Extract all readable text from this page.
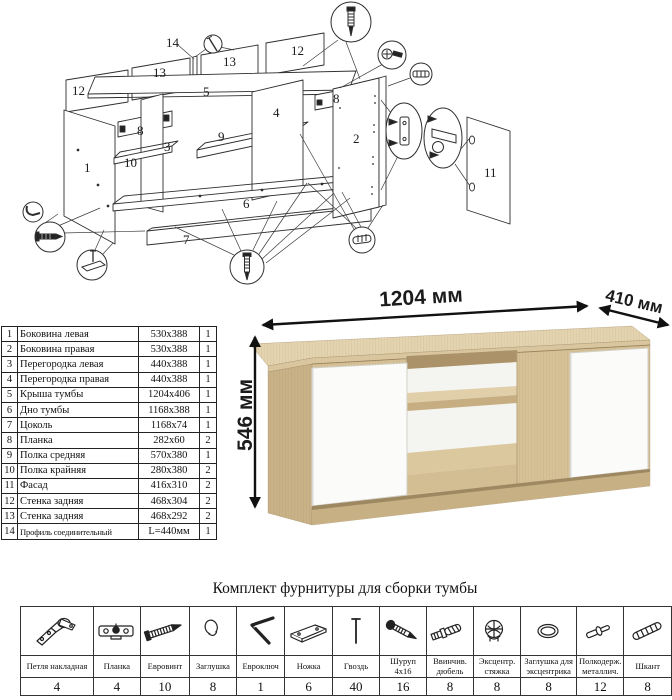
14
13
13
12
12
5
8
8
3
9
4
10
1
2
6
7
11
1	Боковина левая	530x388	1
2	Боковина правая	530x388	1
3	Перегородка левая	440x388	1
4	Перегородка правая	440x388	1
5	Крыша тумбы	1204x406	1
6	Дно тумбы	1168x388	1
7	Цоколь	1168x74	1
8	Планка	282x60	2
9	Полка средняя	570x380	1
10	Полка крайняя	280x380	2
11	Фасад	416x310	2
12	Стенка задняя	468x304	2
13	Стенка задняя	468x292	2
14	Профиль соединительный	L=440мм	1
1204 мм	410 мм
546 мм
Комплект фурнитуры для сборки тумбы

Петля накладная	Планка	Евровинт	Заглушка	Евроключ	Ножка	Гвоздь	Шуруп 4x16	Ввинчив. дюбель	Эксцентр. стяжка	Заглушка для эксцентрика	Полкодерж. металлич.	Шкант
4	4	10	8	1	6	40	16	8	8	8	12	8
